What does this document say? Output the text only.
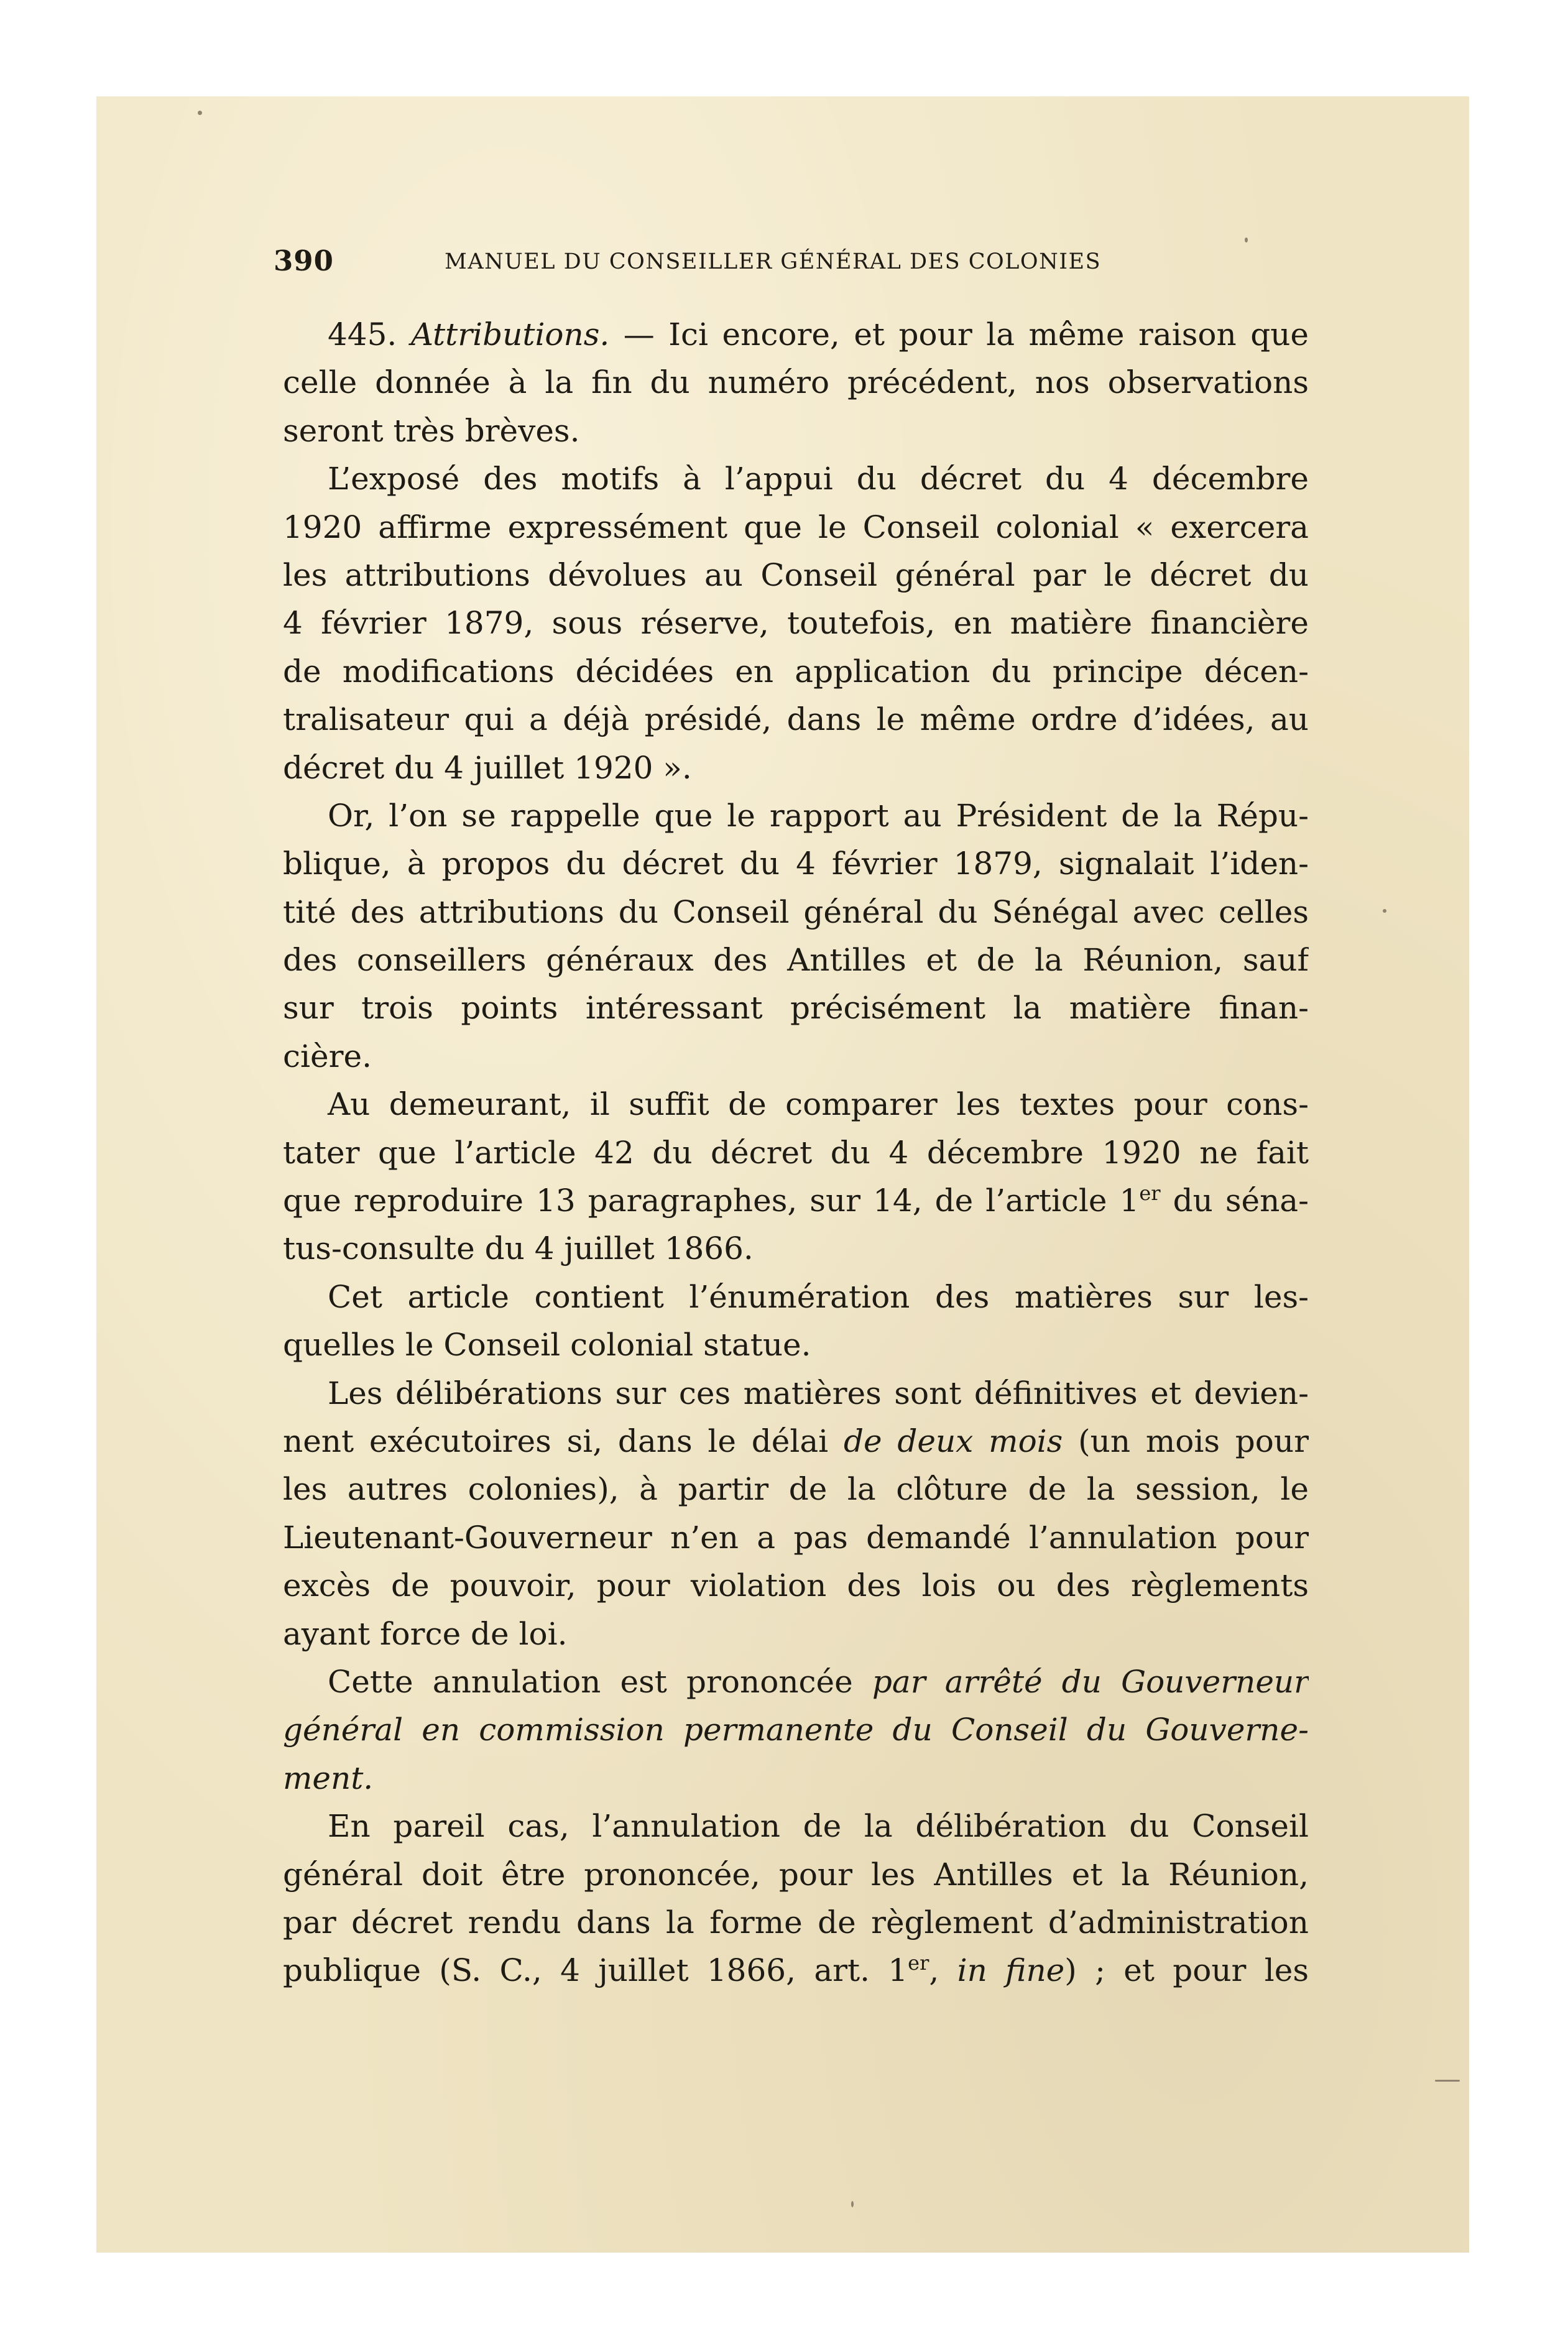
390	MANUEL DU CONSEILLER GÉNÉRAL DES COLONIES
445. Attributions. — Ici encore, et pour la même raison que
celle donnée à la fin du numéro précédent, nos observations
seront très brèves.
L’exposé des motifs à l’appui du décret du 4 décembre
1920 affirme expressément que le Conseil colonial « exercera
les attributions dévolues au Conseil général par le décret du
4 février 1879, sous réserve, toutefois, en matière financière
de modifications décidées en application du principe décen-
tralisateur qui a déjà présidé, dans le même ordre d’idées, au
décret du 4 juillet 1920 ».
Or, l’on se rappelle que le rapport au Président de la Répu-
blique, à propos du décret du 4 février 1879, signalait l’iden-
tité des attributions du Conseil général du Sénégal avec celles
des conseillers généraux des Antilles et de la Réunion, sauf
sur trois points intéressant précisément la matière finan-
cière.
Au demeurant, il suffit de comparer les textes pour cons-
tater que l’article 42 du décret du 4 décembre 1920 ne fait
que reproduire 13 paragraphes, sur 14, de l’article 1er du séna-
tus-consulte du 4 juillet 1866.
Cet article contient l’énumération des matières sur les-
quelles le Conseil colonial statue.
Les délibérations sur ces matières sont définitives et devien-
nent exécutoires si, dans le délai de deux mois (un mois pour
les autres colonies), à partir de la clôture de la session, le
Lieutenant-Gouverneur n’en a pas demandé l’annulation pour
excès de pouvoir, pour violation des lois ou des règlements
ayant force de loi.
Cette annulation est prononcée par arrêté du Gouverneur
général en commission permanente du Conseil du Gouverne-
ment.
En pareil cas, l’annulation de la délibération du Conseil
général doit être prononcée, pour les Antilles et la Réunion,
par décret rendu dans la forme de règlement d’administration
publique (S. C., 4 juillet 1866, art. 1er, in fine) ; et pour les
